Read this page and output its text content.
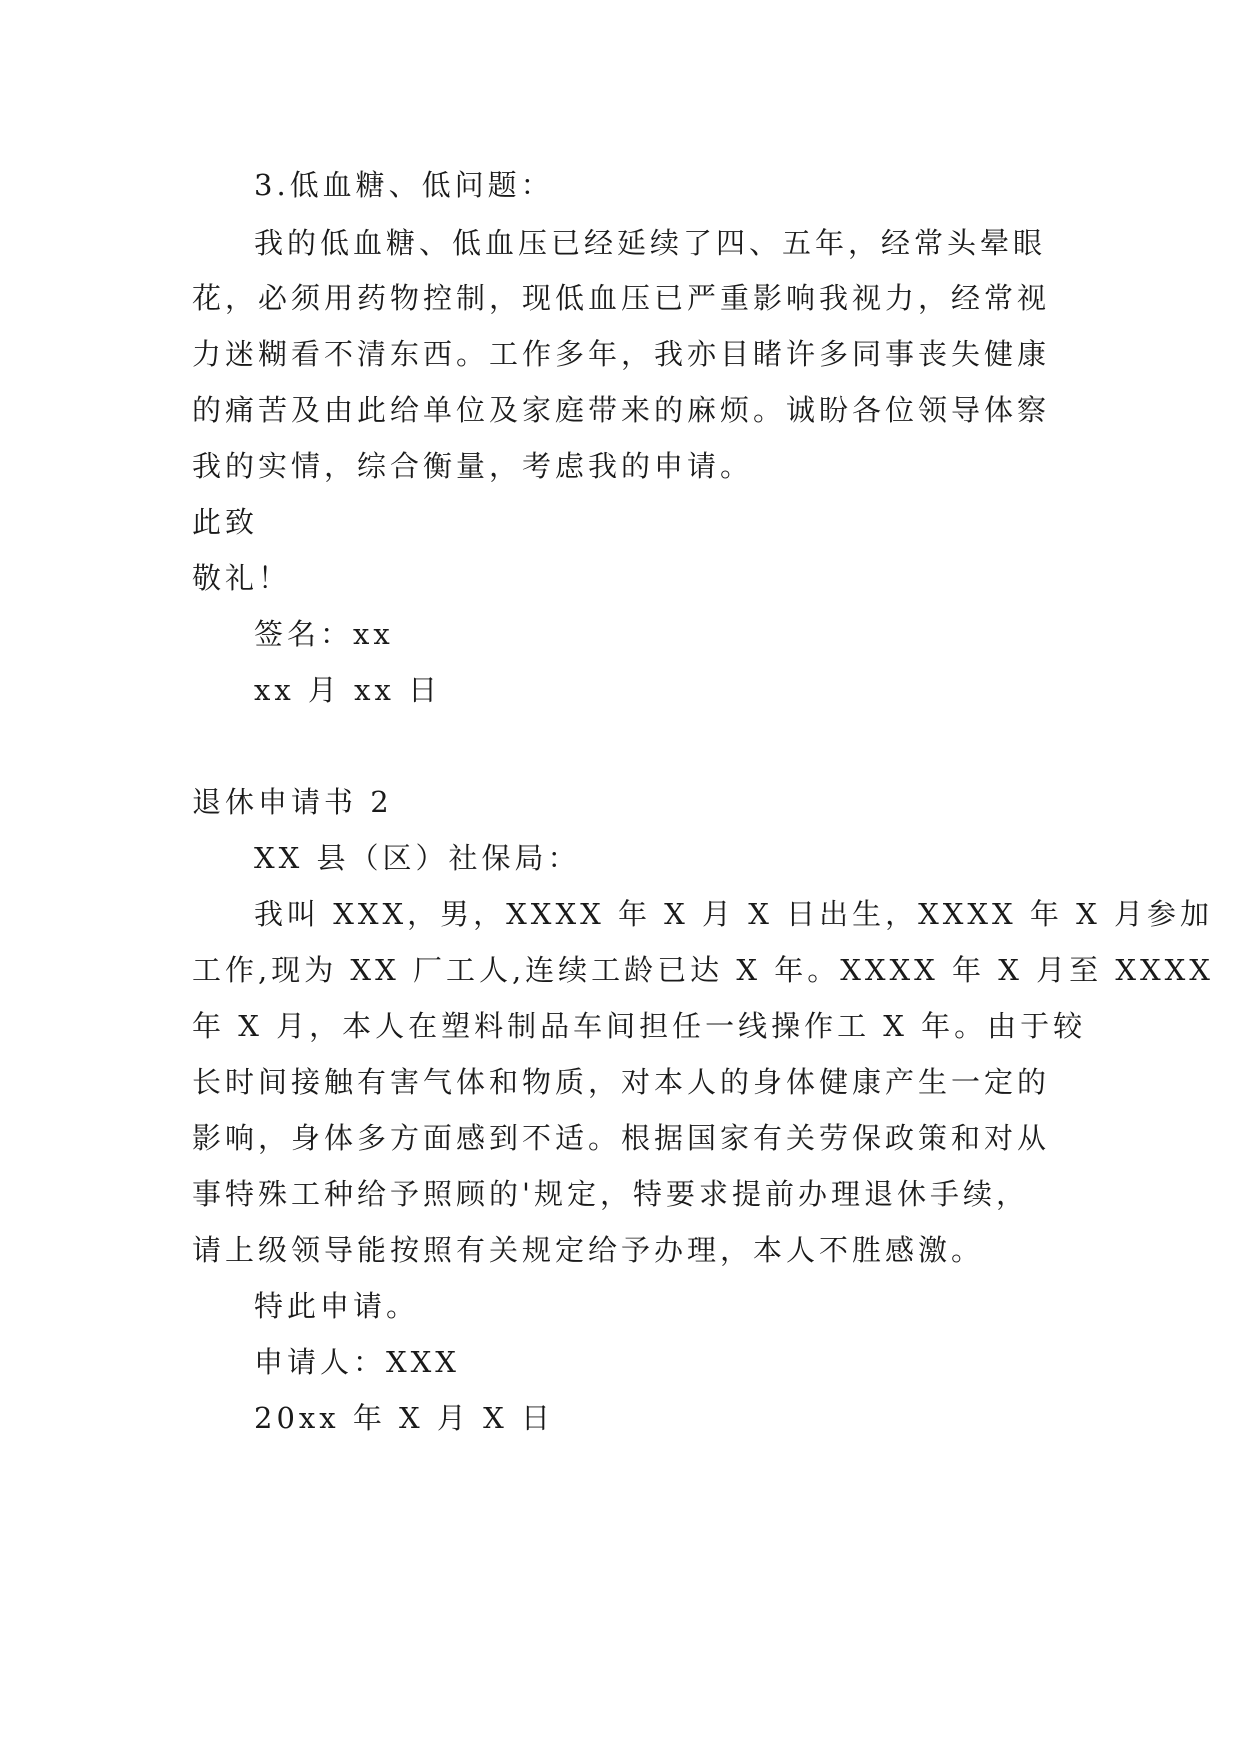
3.低血糖、低问题：
我的低血糖、低血压已经延续了四、五年，经常头晕眼
花，必须用药物控制，现低血压已严重影响我视力，经常视
力迷糊看不清东西。工作多年，我亦目睹许多同事丧失健康
的痛苦及由此给单位及家庭带来的麻烦。诚盼各位领导体察
我的实情，综合衡量，考虑我的申请。
此致
敬礼！
签名：xx
xx 月 xx 日
退休申请书 2
XX 县（区）社保局：
我叫 XXX，男，XXXX 年 X 月 X 日出生，XXXX 年 X 月参加
工作,现为 XX 厂工人,连续工龄已达 X 年。XXXX 年 X 月至 XXXX
年 X 月，本人在塑料制品车间担任一线操作工 X 年。由于较
长时间接触有害气体和物质，对本人的身体健康产生一定的
影响，身体多方面感到不适。根据国家有关劳保政策和对从
事特殊工种给予照顾的'规定，特要求提前办理退休手续，
请上级领导能按照有关规定给予办理，本人不胜感激。
特此申请。
申请人：XXX
20xx 年 X 月 X 日
